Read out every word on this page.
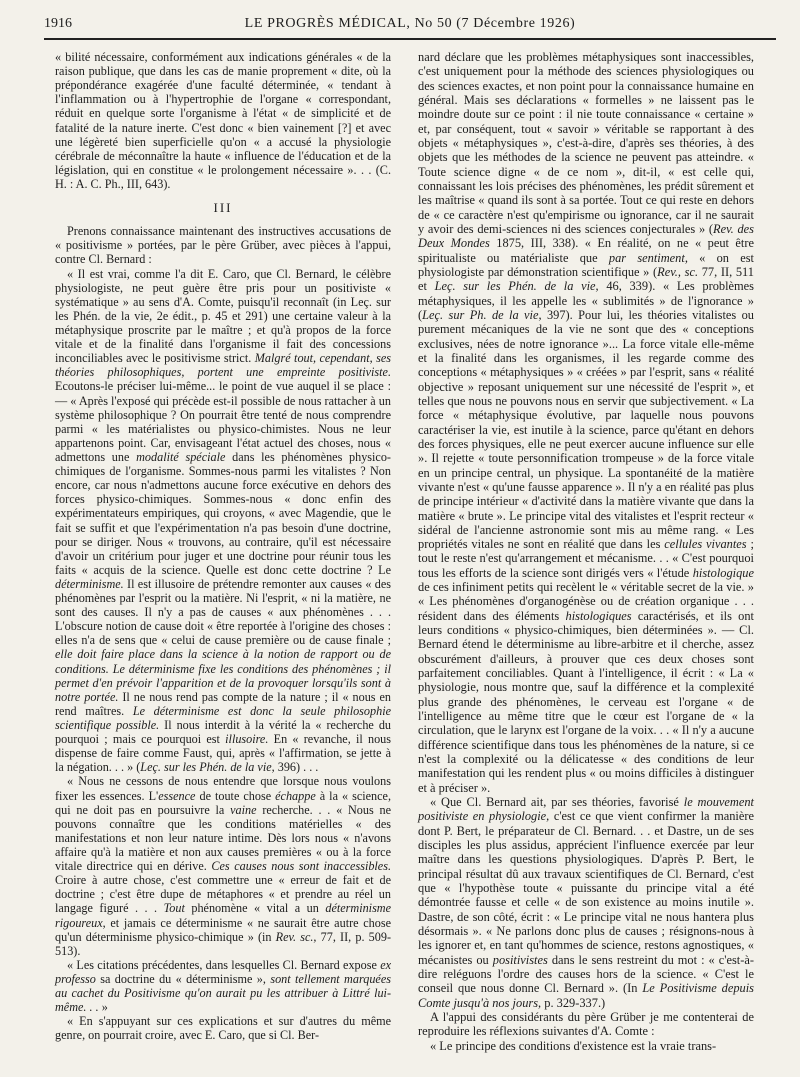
1916	LE PROGRÈS MÉDICAL, No 50 (7 Décembre 1926)

« bilité nécessaire, conformément aux indications générales « de la raison publique, que dans les cas de manie proprement « dite, où la prépondérance exagérée d'une faculté déterminée, « tendant à l'inflammation ou à l'hypertrophie de l'organe « correspondant, réduit en quelque sorte l'organisme à l'état « de simplicité et de fatalité de la nature inerte. C'est donc « bien vainement [?] et avec une légèreté bien superficielle qu'on « a accusé la physiologie cérébrale de méconnaître la haute « influence de l'éducation et de la législation, qui en constitue « le prolongement nécessaire ». . . (C. H. : A. C. Ph., III, 643).

III

Prenons connaissance maintenant des instructives accusations de « positivisme » portées, par le père Grüber, avec pièces à l'appui, contre Cl. Bernard :

« Il est vrai, comme l'a dit E. Caro, que Cl. Bernard, le célèbre physiologiste, ne peut guère être pris pour un positiviste « systématique » au sens d'A. Comte, puisqu'il reconnaît (in Leç. sur les Phén. de la vie, 2e édit., p. 45 et 291) une certaine valeur à la métaphysique proscrite par le maître ; et qu'à propos de la force vitale et de la finalité dans l'organisme il fait des concessions inconciliables avec le positivisme strict. Malgré tout, cependant, ses théories philosophiques, portent une empreinte positiviste. Ecoutons-le préciser lui-même... le point de vue auquel il se place : — « Après l'exposé qui précède est-il possible de nous rattacher à un système philosophique ? On pourrait être tenté de nous comprendre parmi « les matérialistes ou physico-chimistes. Nous ne leur appartenons point. Car, envisageant l'état actuel des choses, nous « admettons une modalité spéciale dans les phénomènes physico-chimiques de l'organisme. Sommes-nous parmi les vitalistes ? Non encore, car nous n'admettons aucune force exécutive en dehors des forces physico-chimiques. Sommes-nous « donc enfin des expérimentateurs empiriques, qui croyons, « avec Magendie, que le fait se suffit et que l'expérimentation n'a pas besoin d'une doctrine, pour se diriger. Nous « trouvons, au contraire, qu'il est nécessaire d'avoir un critérium pour juger et une doctrine pour réunir tous les faits « acquis de la science. Quelle est donc cette doctrine ? Le déterminisme. Il est illusoire de prétendre remonter aux causes « des phénomènes par l'esprit ou la matière. Ni l'esprit, « ni la matière, ne sont des causes. Il n'y a pas de causes « aux phénomènes . . . L'obscure notion de cause doit « être reportée à l'origine des choses : elles n'a de sens que « celui de cause première ou de cause finale ; elle doit faire place dans la science à la notion de rapport ou de conditions. Le déterminisme fixe les conditions des phénomènes ; il permet d'en prévoir l'apparition et de la provoquer lorsqu'ils sont à notre portée. Il ne nous rend pas compte de la nature ; il « nous en rend maîtres. Le déterminisme est donc la seule philosophie scientifique possible. Il nous interdit à la vérité la « recherche du pourquoi ; mais ce pourquoi est illusoire. En « revanche, il nous dispense de faire comme Faust, qui, après « l'affirmation, se jette à la négation. . . » (Leç. sur les Phén. de la vie, 396) . . .

« Nous ne cessons de nous entendre que lorsque nous voulons fixer les essences. L'essence de toute chose échappe à la « science, qui ne doit pas en poursuivre la vaine recherche. . . « Nous ne pouvons connaître que les conditions matérielles « des manifestations et non leur nature intime. Dès lors nous « n'avons affaire qu'à la matière et non aux causes premières « ou à la force vitale directrice qui en dérive. Ces causes nous sont inaccessibles. Croire à autre chose, c'est commettre une « erreur de fait et de doctrine ; c'est être dupe de métaphores « et prendre au réel un langage figuré . . . Tout phénomène « vital a un déterminisme rigoureux, et jamais ce déterminisme « ne saurait être autre chose qu'un déterminisme physico-chimique » (in Rev. sc., 77, II, p. 509-513).

« Les citations précédentes, dans lesquelles Cl. Bernard expose ex professo sa doctrine du « déterminisme », sont tellement marquées au cachet du Positivisme qu'on aurait pu les attribuer à Littré lui-même. . . »

« En s'appuyant sur ces explications et sur d'autres du même genre, on pourrait croire, avec E. Caro, que si Cl. Ber-

nard déclare que les problèmes métaphysiques sont inaccessibles, c'est uniquement pour la méthode des sciences physiologiques ou des sciences exactes, et non point pour la connaissance humaine en général. Mais ses déclarations « formelles » ne laissent pas le moindre doute sur ce point : il nie toute connaissance « certaine » et, par conséquent, tout « savoir » véritable se rapportant à des objets « métaphysiques », c'est-à-dire, d'après ses théories, à des objets que les méthodes de la science ne peuvent pas atteindre. « Toute science digne « de ce nom », dit-il, « est celle qui, connaissant les lois précises des phénomènes, les prédit sûrement et les maîtrise « quand ils sont à sa portée. Tout ce qui reste en dehors de « ce caractère n'est qu'empirisme ou ignorance, car il ne saurait y avoir des demi-sciences ni des sciences conjecturales » (Rev. des Deux Mondes 1875, III, 338). « En réalité, on ne « peut être spiritualiste ou matérialiste que par sentiment, « on est physiologiste par démonstration scientifique » (Rev., sc. 77, II, 511 et Leç. sur les Phén. de la vie, 46, 339). « Les problèmes métaphysiques, il les appelle les « sublimités » de l'ignorance » (Leç. sur Ph. de la vie, 397). Pour lui, les théories vitalistes ou purement mécaniques de la vie ne sont que des « conceptions exclusives, nées de notre ignorance »... La force vitale elle-même et la finalité dans les organismes, il les regarde comme des conceptions « métaphysiques » « créées » par l'esprit, sans « réalité objective » reposant uniquement sur une nécessité de l'esprit », et telles que nous ne pouvons nous en servir que subjectivement. « La force « métaphysique évolutive, par laquelle nous pouvons caractériser la vie, est inutile à la science, parce qu'étant en dehors des forces physiques, elle ne peut exercer aucune influence sur elle ». Il rejette « toute personnification trompeuse » de la force vitale en un principe central, un physique. La spontanéité de la matière vivante n'est « qu'une fausse apparence ». Il n'y a en réalité pas plus de principe intérieur « d'activité dans la matière vivante que dans la matière « brute ». Le principe vital des vitalistes et l'esprit recteur « sidéral de l'ancienne astronomie sont mis au même rang. « Les propriétés vitales ne sont en réalité que dans les cellules vivantes ; tout le reste n'est qu'arrangement et mécanisme. . . « C'est pourquoi tous les efforts de la science sont dirigés vers « l'étude histologique de ces infiniment petits qui recèlent le « véritable secret de la vie. » « Les phénomènes d'organogénèse ou de création organique . . . résident dans des éléments histologiques caractérisés, et ils ont leurs conditions « physico-chimiques, bien déterminées ». — Cl. Bernard étend le déterminisme au libre-arbitre et il cherche, assez obscurément d'ailleurs, à prouver que ces deux choses sont parfaitement conciliables. Quant à l'intelligence, il écrit : « La « physiologie, nous montre que, sauf la différence et la complexité plus grande des phénomènes, le cerveau est l'organe « de l'intelligence au même titre que le cœur est l'organe de « la circulation, que le larynx est l'organe de la voix. . . « Il n'y a aucune différence scientifique dans tous les phénomènes de la nature, si ce n'est la complexité ou la délicatesse « des conditions de leur manifestation qui les rendent plus « ou moins difficiles à distinguer et à préciser ».

« Que Cl. Bernard ait, par ses théories, favorisé le mouvement positiviste en physiologie, c'est ce que vient confirmer la manière dont P. Bert, le préparateur de Cl. Bernard. . . et Dastre, un de ses disciples les plus assidus, apprécient l'influence exercée par leur maître dans les questions physiologiques. D'après P. Bert, le principal résultat dû aux travaux scientifiques de Cl. Bernard, c'est que « l'hypothèse toute « puissante du principe vital a été démontrée fausse et celle « de son existence au moins inutile ». Dastre, de son côté, écrit : « Le principe vital ne nous hantera plus désormais ». « Ne parlons donc plus de causes ; résignons-nous à les ignorer et, en tant qu'hommes de science, restons agnostiques, « mécanistes ou positivistes dans le sens restreint du mot : « c'est-à-dire reléguons l'ordre des causes hors de la science. « C'est le conseil que nous donne Cl. Bernard ». (In Le Positivisme depuis Comte jusqu'à nos jours, p. 329-337.)

A l'appui des considérants du père Grüber je me contenterai de reproduire les réflexions suivantes d'A. Comte :

« Le principe des conditions d'existence est la vraie trans-
